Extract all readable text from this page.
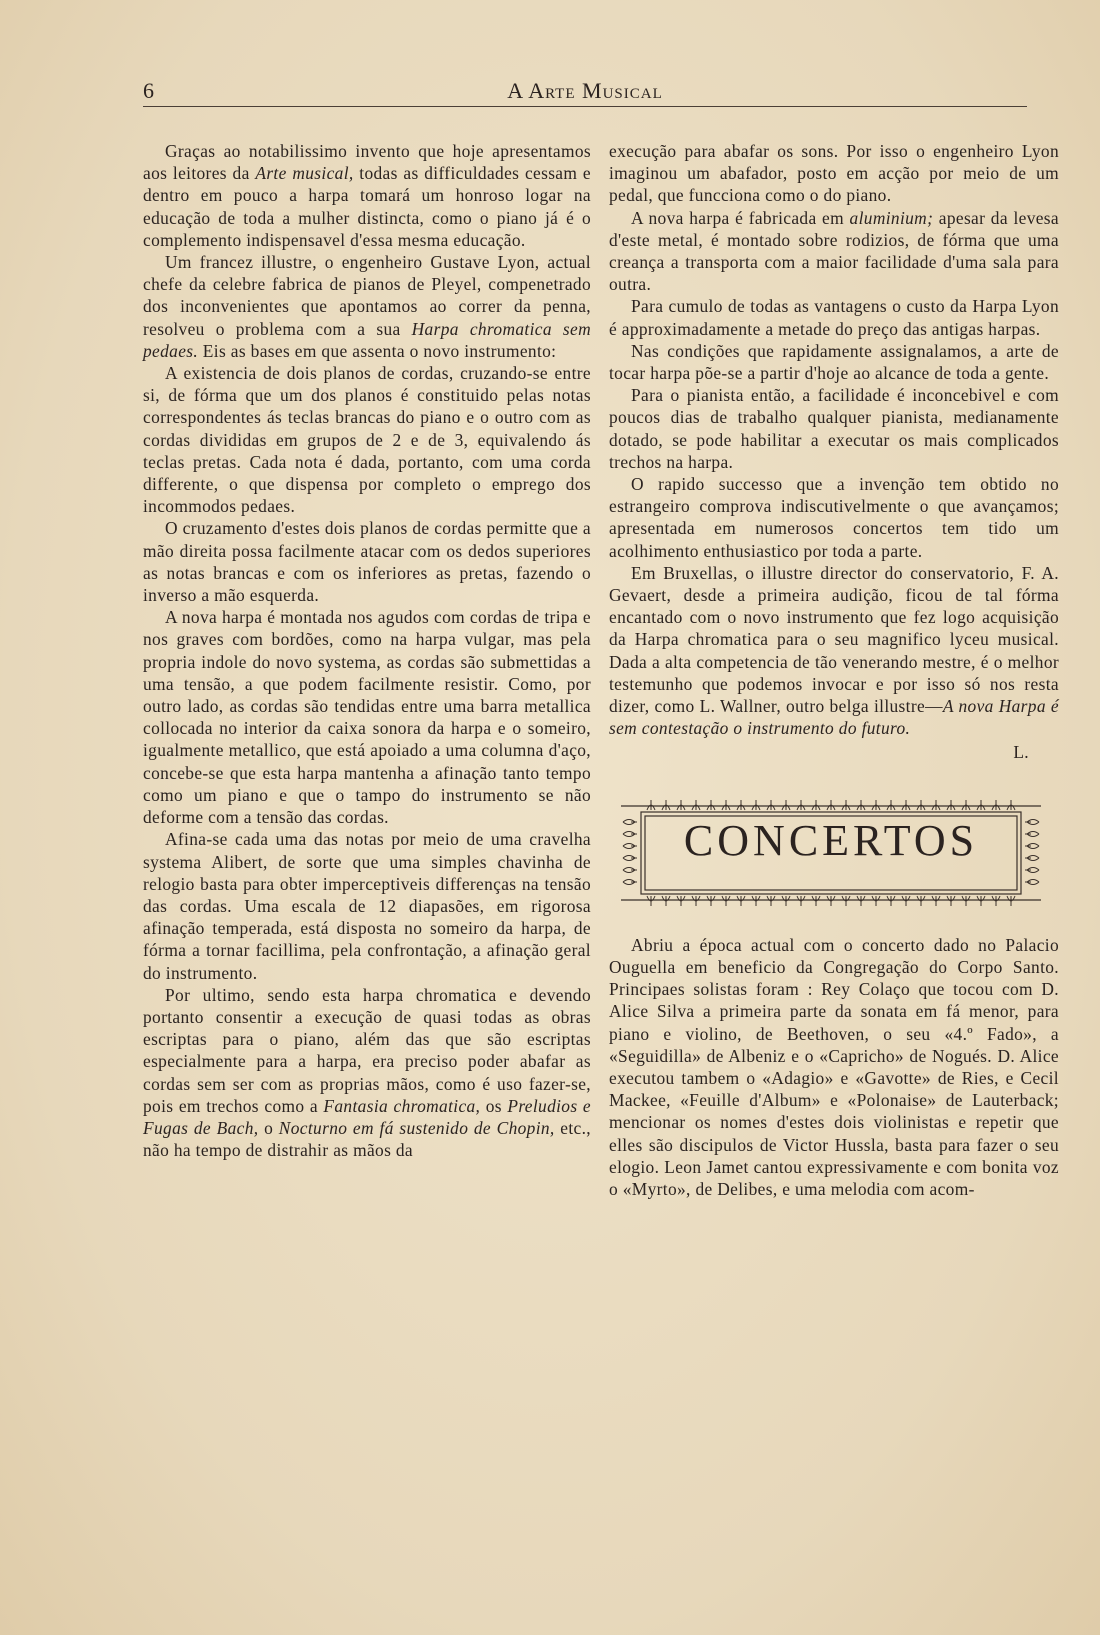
6	A Arte Musical

Graças ao notabilissimo invento que hoje apresentamos aos leitores da Arte musical, todas as difficuldades cessam e dentro em pouco a harpa tomará um honroso logar na educação de toda a mulher distincta, como o piano já é o complemento indispensavel d'essa mesma educação.

Um francez illustre, o engenheiro Gustave Lyon, actual chefe da celebre fabrica de pianos de Pleyel, compenetrado dos inconvenientes que apontamos ao correr da penna, resolveu o problema com a sua Harpa chromatica sem pedaes. Eis as bases em que assenta o novo instrumento:

A existencia de dois planos de cordas, cruzando-se entre si, de fórma que um dos planos é constituido pelas notas correspondentes ás teclas brancas do piano e o outro com as cordas divididas em grupos de 2 e de 3, equivalendo ás teclas pretas. Cada nota é dada, portanto, com uma corda differente, o que dispensa por completo o emprego dos incommodos pedaes.

O cruzamento d'estes dois planos de cordas permitte que a mão direita possa facilmente atacar com os dedos superiores as notas brancas e com os inferiores as pretas, fazendo o inverso a mão esquerda.

A nova harpa é montada nos agudos com cordas de tripa e nos graves com bordões, como na harpa vulgar, mas pela propria indole do novo systema, as cordas são submettidas a uma tensão, a que podem facilmente resistir. Como, por outro lado, as cordas são tendidas entre uma barra metallica collocada no interior da caixa sonora da harpa e o someiro, igualmente metallico, que está apoiado a uma columna d'aço, concebe-se que esta harpa mantenha a afinação tanto tempo como um piano e que o tampo do instrumento se não deforme com a tensão das cordas.

Afina-se cada uma das notas por meio de uma cravelha systema Alibert, de sorte que uma simples chavinha de relogio basta para obter imperceptiveis differenças na tensão das cordas. Uma escala de 12 diapasões, em rigorosa afinação temperada, está disposta no someiro da harpa, de fórma a tornar facillima, pela confrontação, a afinação geral do instrumento.

Por ultimo, sendo esta harpa chromatica e devendo portanto consentir a execução de quasi todas as obras escriptas para o piano, além das que são escriptas especialmente para a harpa, era preciso poder abafar as cordas sem ser com as proprias mãos, como é uso fazer-se, pois em trechos como a Fantasia chromatica, os Preludios e Fugas de Bach, o Nocturno em fá sustenido de Chopin, etc., não ha tempo de distrahir as mãos da

execução para abafar os sons. Por isso o engenheiro Lyon imaginou um abafador, posto em acção por meio de um pedal, que funcciona como o do piano.

A nova harpa é fabricada em aluminium; apesar da levesa d'este metal, é montado sobre rodizios, de fórma que uma creança a transporta com a maior facilidade d'uma sala para outra.

Para cumulo de todas as vantagens o custo da Harpa Lyon é approximadamente a metade do preço das antigas harpas.

Nas condições que rapidamente assignalamos, a arte de tocar harpa põe-se a partir d'hoje ao alcance de toda a gente.

Para o pianista então, a facilidade é inconcebivel e com poucos dias de trabalho qualquer pianista, medianamente dotado, se pode habilitar a executar os mais complicados trechos na harpa.

O rapido successo que a invenção tem obtido no estrangeiro comprova indiscutivelmente o que avançamos; apresentada em numerosos concertos tem tido um acolhimento enthusiastico por toda a parte.

Em Bruxellas, o illustre director do conservatorio, F. A. Gevaert, desde a primeira audição, ficou de tal fórma encantado com o novo instrumento que fez logo acquisição da Harpa chromatica para o seu magnifico lyceu musical. Dada a alta competencia de tão venerando mestre, é o melhor testemunho que podemos invocar e por isso só nos resta dizer, como L. Wallner, outro belga illustre—A nova Harpa é sem contestação o instrumento do futuro.

L.

CONCERTOS

Abriu a época actual com o concerto dado no Palacio Ouguella em beneficio da Congregação do Corpo Santo. Principaes solistas foram : Rey Colaço que tocou com D. Alice Silva a primeira parte da sonata em fá menor, para piano e violino, de Beethoven, o seu «4.º Fado», a «Seguidilla» de Albeniz e o «Capricho» de Nogués. D. Alice executou tambem o «Adagio» e «Gavotte» de Ries, e Cecil Mackee, «Feuille d'Album» e «Polonaise» de Lauterback; mencionar os nomes d'estes dois violinistas e repetir que elles são discipulos de Victor Hussla, basta para fazer o seu elogio. Leon Jamet cantou expressivamente e com bonita voz o «Myrto», de Delibes, e uma melodia com acom-
